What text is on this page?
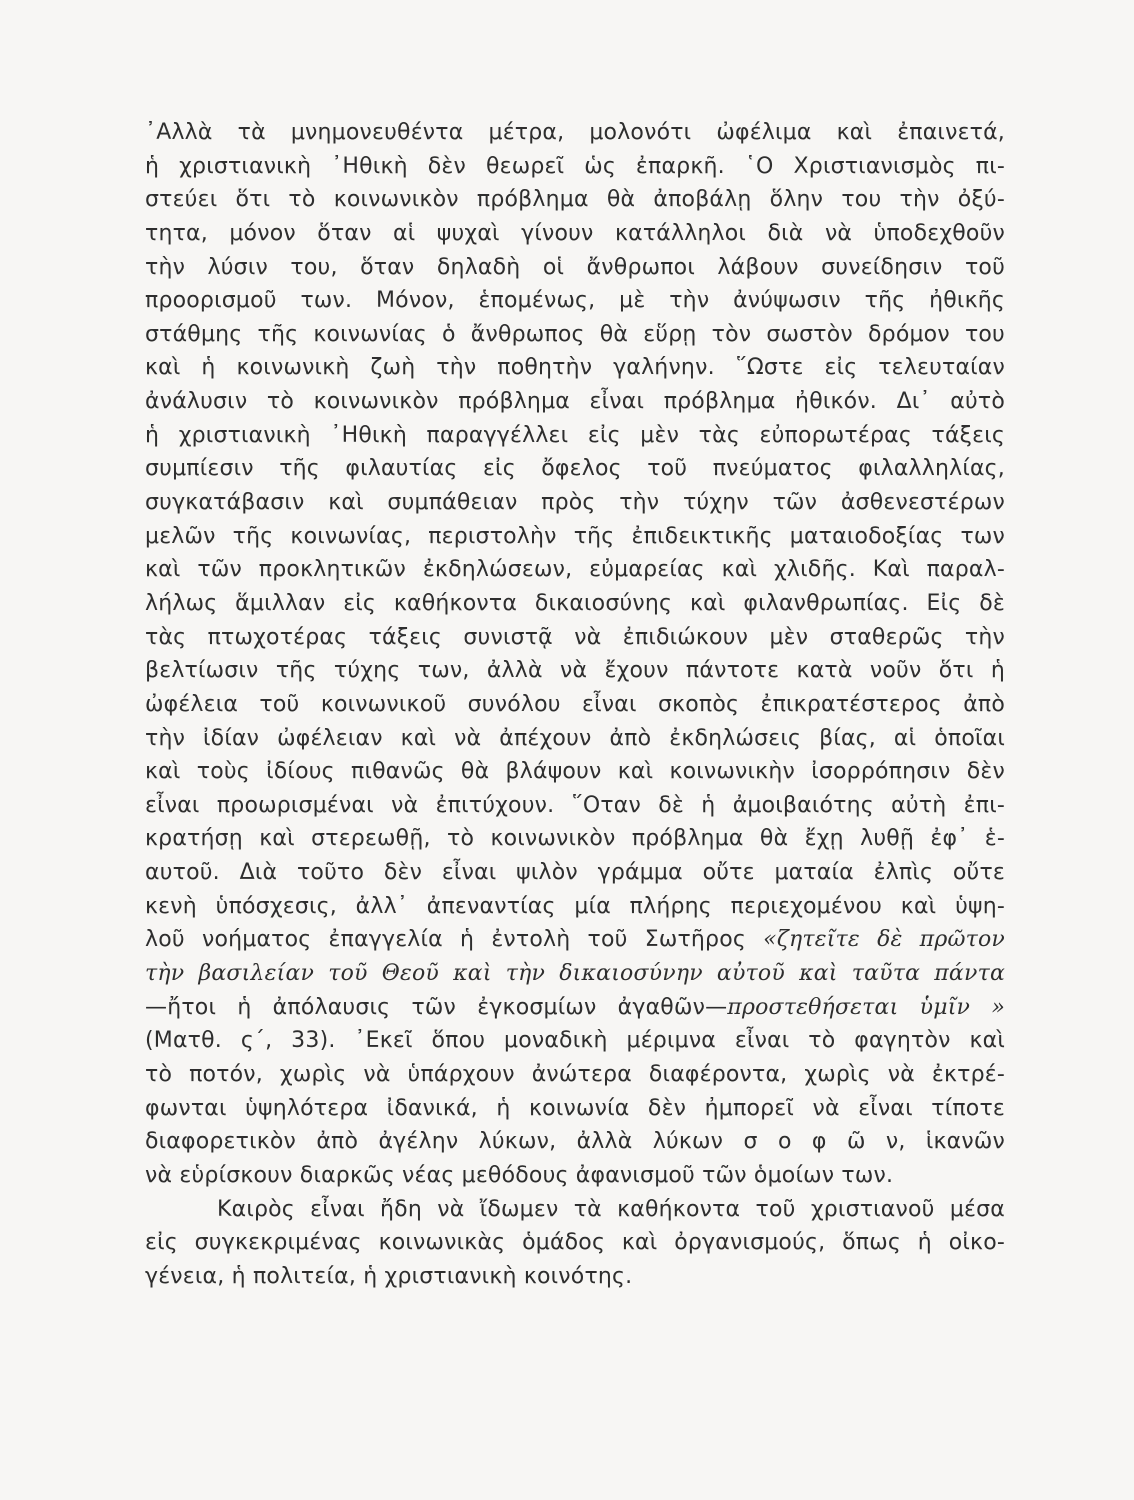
᾿Αλλὰ τὰ μνημονευθέντα μέτρα, μολονότι ὠφέλιμα καὶ ἐπαινετά,
ἡ χριστιανικὴ ᾿Ηθικὴ δὲν θεωρεῖ ὡς ἐπαρκῆ. ῾Ο Χριστιανισμὸς πι-
στεύει ὅτι τὸ κοινωνικὸν πρόβλημα θὰ ἀποβάλῃ ὅλην του τὴν ὀξύ-
τητα, μόνον ὅταν αἱ ψυχαὶ γίνουν κατάλληλοι διὰ νὰ ὑποδεχθοῦν
τὴν λύσιν του, ὅταν δηλαδὴ οἱ ἄνθρωποι λάβουν συνείδησιν τοῦ
προορισμοῦ των. Μόνον, ἑπομένως, μὲ τὴν ἀνύψωσιν τῆς ἠθικῆς
στάθμης τῆς κοινωνίας ὁ ἄνθρωπος θὰ εὕρῃ τὸν σωστὸν δρόμον του
καὶ ἡ κοινωνικὴ ζωὴ τὴν ποθητὴν γαλήνην. ῞Ωστε εἰς τελευταίαν
ἀνάλυσιν τὸ κοινωνικὸν πρόβλημα εἶναι πρόβλημα ἠθικόν. Δι᾿ αὐτὸ
ἡ χριστιανικὴ ᾿Ηθικὴ παραγγέλλει εἰς μὲν τὰς εὐπορωτέρας τάξεις
συμπίεσιν τῆς φιλαυτίας εἰς ὄφελος τοῦ πνεύματος φιλαλληλίας,
συγκατάβασιν καὶ συμπάθειαν πρὸς τὴν τύχην τῶν ἀσθενεστέρων
μελῶν τῆς κοινωνίας, περιστολὴν τῆς ἐπιδεικτικῆς ματαιοδοξίας των
καὶ τῶν προκλητικῶν ἐκδηλώσεων, εὐμαρείας καὶ χλιδῆς. Καὶ παραλ-
λήλως ἅμιλλαν εἰς καθήκοντα δικαιοσύνης καὶ φιλανθρωπίας. Εἰς δὲ
τὰς πτωχοτέρας τάξεις συνιστᾷ νὰ ἐπιδιώκουν μὲν σταθερῶς τὴν
βελτίωσιν τῆς τύχης των, ἀλλὰ νὰ ἔχουν πάντοτε κατὰ νοῦν ὅτι ἡ
ὠφέλεια τοῦ κοινωνικοῦ συνόλου εἶναι σκοπὸς ἐπικρατέστερος ἀπὸ
τὴν ἰδίαν ὠφέλειαν καὶ νὰ ἀπέχουν ἀπὸ ἐκδηλώσεις βίας, αἱ ὁποῖαι
καὶ τοὺς ἰδίους πιθανῶς θὰ βλάψουν καὶ κοινωνικὴν ἰσορρόπησιν δὲν
εἶναι προωρισμέναι νὰ ἐπιτύχουν. ῞Οταν δὲ ἡ ἀμοιβαιότης αὐτὴ ἐπι-
κρατήσῃ καὶ στερεωθῇ, τὸ κοινωνικὸν πρόβλημα θὰ ἔχῃ λυθῇ ἐφ᾿ ἑ-
αυτοῦ. Διὰ τοῦτο δὲν εἶναι ψιλὸν γράμμα οὔτε ματαία ἐλπὶς οὔτε
κενὴ ὑπόσχεσις, ἀλλ᾿ ἀπεναντίας μία πλήρης περιεχομένου καὶ ὑψη-
λοῦ νοήματος ἐπαγγελία ἡ ἐντολὴ τοῦ Σωτῆρος «ζητεῖτε δὲ πρῶτον
τὴν βασιλείαν τοῦ Θεοῦ καὶ τὴν δικαιοσύνην αὐτοῦ καὶ ταῦτα πάντα
—ἤτοι ἡ ἀπόλαυσις τῶν ἐγκοσμίων ἀγαθῶν—προστεθήσεται ὑμῖν »
(Ματθ. ς΄, 33). ᾿Εκεῖ ὅπου μοναδικὴ μέριμνα εἶναι τὸ φαγητὸν καὶ
τὸ ποτόν, χωρὶς νὰ ὑπάρχουν ἀνώτερα διαφέροντα, χωρὶς νὰ ἐκτρέ-
φωνται ὑψηλότερα ἰδανικά, ἡ κοινωνία δὲν ἠμπορεῖ νὰ εἶναι τίποτε
διαφορετικὸν ἀπὸ ἀγέλην λύκων, ἀλλὰ λύκων σ ο φ ῶ ν, ἱκανῶν
νὰ εὑρίσκουν διαρκῶς νέας μεθόδους ἀφανισμοῦ τῶν ὁμοίων των.
Καιρὸς εἶναι ἤδη νὰ ἴδωμεν τὰ καθήκοντα τοῦ χριστιανοῦ μέσα
εἰς συγκεκριμένας κοινωνικὰς ὁμάδος καὶ ὀργανισμούς, ὅπως ἡ οἰκο-
γένεια, ἡ πολιτεία, ἡ χριστιανικὴ κοινότης.
